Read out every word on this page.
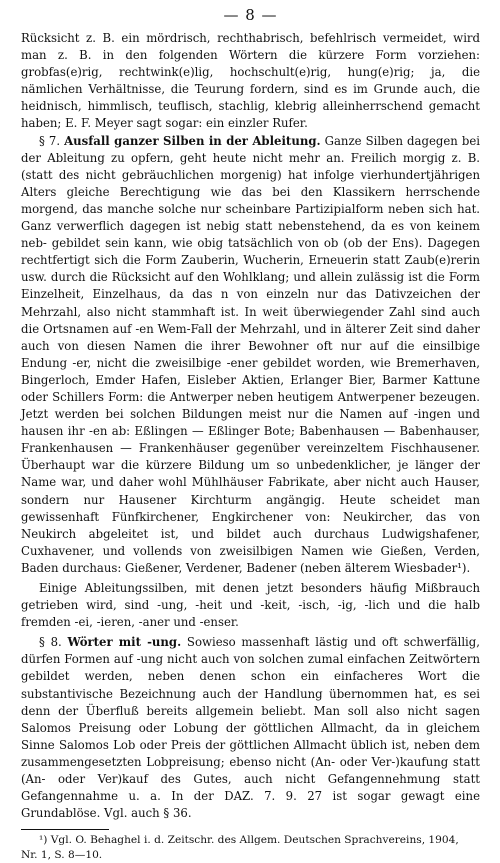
— 8 —

Rücksicht z. B. ein mördrisch, rechthabrisch, befehlrisch vermeidet, wird man z. B. in den folgenden Wörtern die kürzere Form vorziehen: grobfas(e)rig, rechtwink(e)lig, hochschult(e)rig, hung(e)rig; ja, die nämlichen Verhältnisse, die Teurung fordern, sind es im Grunde auch, die heidnisch, himmlisch, teuflisch, stachlig, klebrig alleinherrschend gemacht haben; E. F. Meyer sagt sogar: ein einzler Rufer.

§ 7. Ausfall ganzer Silben in der Ableitung. Ganze Silben dagegen bei der Ableitung zu opfern, geht heute nicht mehr an. Freilich morgig z. B. (statt des nicht gebräuchlichen morgenig) hat infolge vierhundertjährigen Alters gleiche Berechtigung wie das bei den Klassikern herrschende morgend, das manche solche nur scheinbare Partizipialform neben sich hat. Ganz verwerflich dagegen ist nebig statt nebenstehend, da es von keinem neb- gebildet sein kann, wie obig tatsächlich von ob (ob der Ens). Dagegen rechtfertigt sich die Form Zauberin, Wucherin, Erneuerin statt Zaub(e)rerin usw. durch die Rücksicht auf den Wohlklang; und allein zulässig ist die Form Einzelheit, Einzelhaus, da das n von einzeln nur das Dativzeichen der Mehrzahl, also nicht stammhaft ist. In weit überwiegender Zahl sind auch die Ortsnamen auf -en Wem-Fall der Mehrzahl, und in älterer Zeit sind daher auch von diesen Namen die ihrer Bewohner oft nur auf die einsilbige Endung -er, nicht die zweisilbige -ener gebildet worden, wie Bremerhaven, Bingerloch, Emder Hafen, Eisleber Aktien, Erlanger Bier, Barmer Kattune oder Schillers Form: die Antwerper neben heutigem Antwerpener bezeugen. Jetzt werden bei solchen Bildungen meist nur die Namen auf -ingen und hausen ihr -en ab: Eßlingen — Eßlinger Bote; Babenhausen — Babenhauser, Frankenhausen — Frankenhäuser gegenüber vereinzeltem Fischhausener. Überhaupt war die kürzere Bildung um so unbedenklicher, je länger der Name war, und daher wohl Mühlhäuser Fabrikate, aber nicht auch Hauser, sondern nur Hausener Kirchturm angängig. Heute scheidet man gewissenhaft Fünfkirchener, Engkirchener von: Neukircher, das von Neukirch abgeleitet ist, und bildet auch durchaus Ludwigshafener, Cuxhavener, und vollends von zweisilbigen Namen wie Gießen, Verden, Baden durchaus: Gießener, Verdener, Badener (neben älterem Wiesbader¹).

Einige Ableitungssilben, mit denen jetzt besonders häufig Mißbrauch getrieben wird, sind -ung, -heit und -keit, -isch, -ig, -lich und die halb fremden -ei, -ieren, -aner und -enser.

§ 8. Wörter mit -ung. Sowieso massenhaft lästig und oft schwerfällig, dürfen Formen auf -ung nicht auch von solchen zumal einfachen Zeitwörtern gebildet werden, neben denen schon ein einfacheres Wort die substantivische Bezeichnung auch der Handlung übernommen hat, es sei denn der Überfluß bereits allgemein beliebt. Man soll also nicht sagen Salomos Preisung oder Lobung der göttlichen Allmacht, da in gleichem Sinne Salomos Lob oder Preis der göttlichen Allmacht üblich ist, neben dem zusammengesetzten Lobpreisung; ebenso nicht (An- oder Ver-)kaufung statt (An- oder Ver)kauf des Gutes, auch nicht Gefangennehmung statt Gefangennahme u. a. In der DAZ. 7. 9. 27 ist sogar gewagt eine Grundablöse. Vgl. auch § 36.

¹) Vgl. O. Behaghel i. d. Zeitschr. des Allgem. Deutschen Sprachvereins, 1904,
Nr. 1, S. 8—10.
